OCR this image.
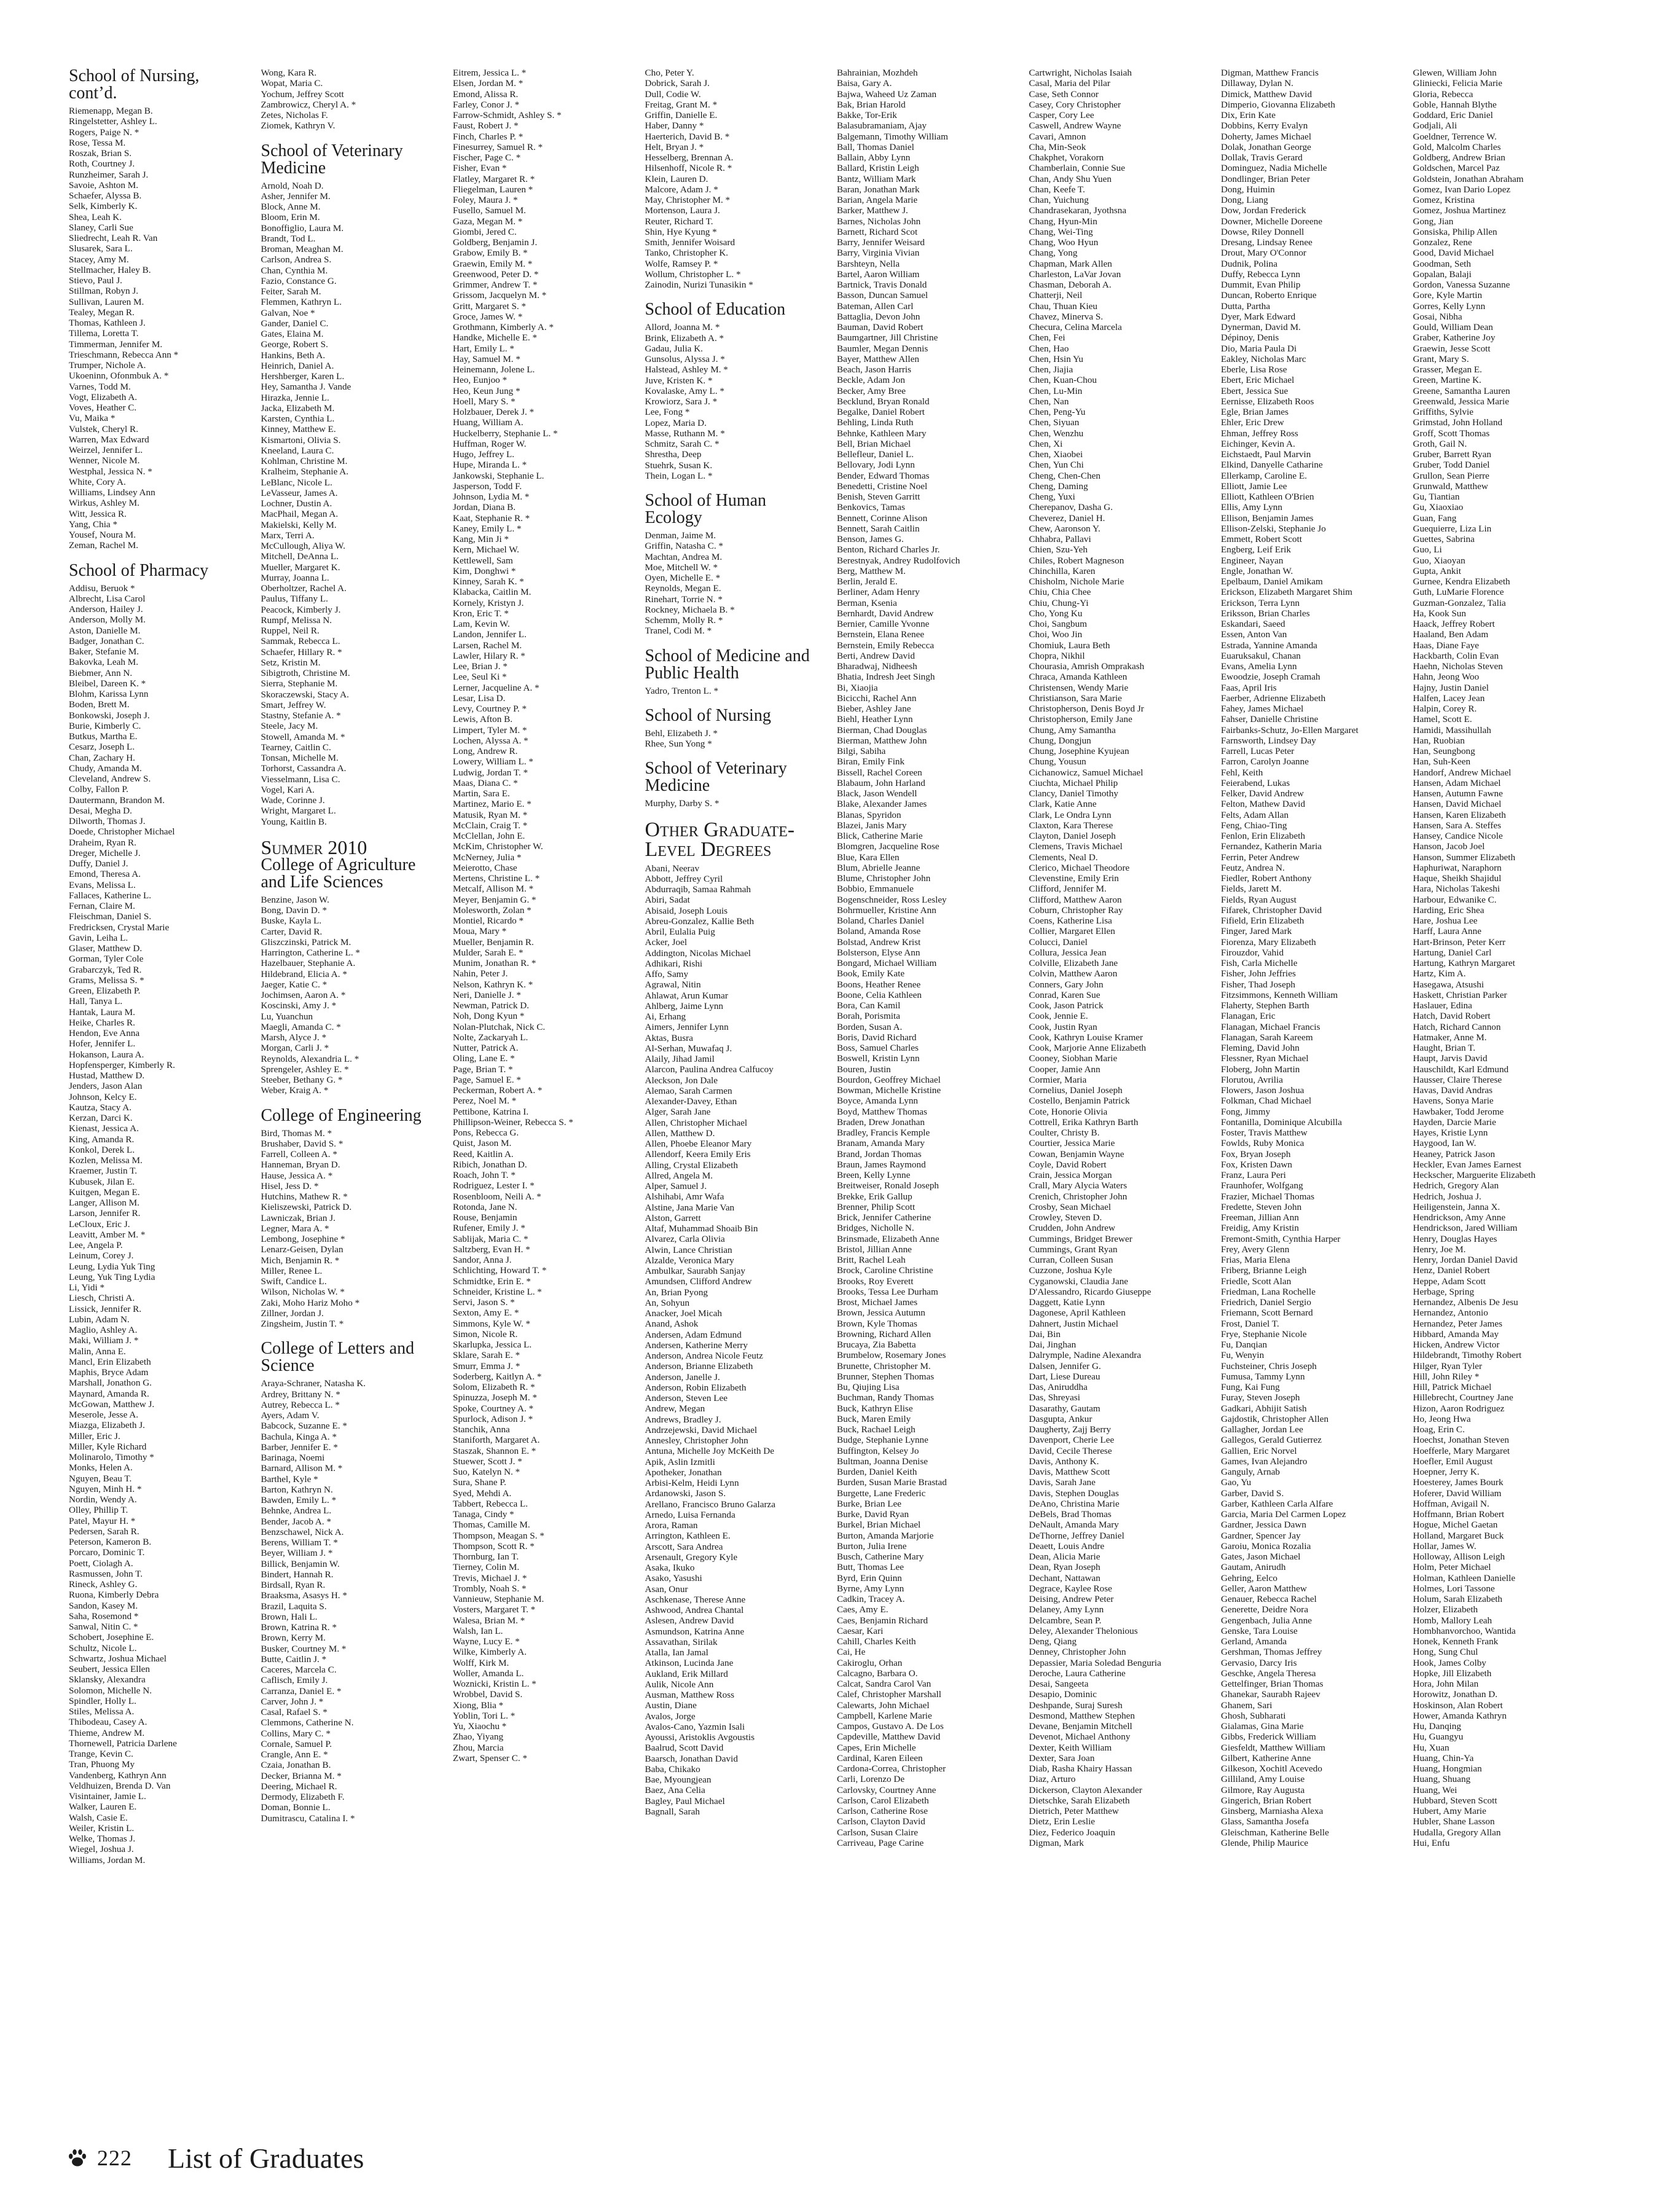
School of Nursing, cont’d.
Riemenapp, Megan B.
Ringelstetter, Ashley L.
Rogers, Paige N. *
Rose, Tessa M.
Roszak, Brian S.
Roth, Courtney J.
Runzheimer, Sarah J.
Savoie, Ashton M.
Schaefer, Alyssa B.
Selk, Kimberly K.
Shea, Leah K.
Slaney, Carli Sue
Sliedrecht, Leah R. Van
Slusarek, Sara L.
Stacey, Amy M.
Stellmacher, Haley B.
Stievo, Paul J.
Stillman, Robyn J.
Sullivan, Lauren M.
Tealey, Megan R.
Thomas, Kathleen J.
Tillema, Loretta T.
Timmerman, Jennifer M.
Trieschmann, Rebecca Ann *
Trumper, Nichole A.
Ukoeninn, Ofonmbuk A. *
Varnes, Todd M.
Vogt, Elizabeth A.
Voves, Heather C.
Vu, Maika *
Vulstek, Cheryl R.
Warren, Max Edward
Weirzel, Jennifer L.
Wenner, Nicole M.
Westphal, Jessica N. *
White, Cory A.
Williams, Lindsey Ann
Wirkus, Ashley M.
Witt, Jessica R.
Yang, Chia *
Yousef, Noura M.
Zeman, Rachel M.
School of Pharmacy
Addisu, Beruok *
Albrecht, Lisa Carol
Anderson, Hailey J.
Anderson, Molly M.
Aston, Danielle M.
Badger, Jonathan C.
Baker, Stefanie M.
Bakovka, Leah M.
Biebmer, Ann N.
Bleibel, Dareen K. *
Blohm, Karissa Lynn
Boden, Brett M.
Bonkowski, Joseph J.
Burie, Kimberly C.
Butkus, Martha E.
Cesarz, Joseph L.
Chan, Zachary H.
Chudy, Amanda M.
Cleveland, Andrew S.
Colby, Fallon P.
Dautermann, Brandon M.
Desai, Megha D.
Dilworth, Thomas J.
Doede, Christopher Michael
Draheim, Ryan R.
Dreger, Michelle J.
Duffy, Daniel J.
Emond, Theresa A.
Evans, Melissa L.
Fallaces, Katherine L.
Fernan, Claire M.
Fleischman, Daniel S.
Fredricksen, Crystal Marie
Gavin, Leiha L.
Glaser, Matthew D.
Gorman, Tyler Cole
Grabarczyk, Ted R.
Grams, Melissa S. *
Green, Elizabeth P.
Hall, Tanya L.
Hantak, Laura M.
Heike, Charles R.
Hendon, Eve Anna
Hofer, Jennifer L.
Hokanson, Laura A.
Hopfensperger, Kimberly R.
Hustad, Matthew D.
Jenders, Jason Alan
Johnson, Kelcy E.
Kautza, Stacy A.
Kerzan, Darci K.
Kienast, Jessica A.
King, Amanda R.
Konkol, Derek L.
Kozlen, Melissa M.
Kraemer, Justin T.
Kubusek, Jilan E.
Kuitgen, Megan E.
Langer, Allison M.
Larson, Jennifer R.
LeCloux, Eric J.
Leavitt, Amber M. *
Lee, Angela P.
Leinum, Corey J.
Leung, Lydia Yuk Ting
Leung, Yuk Ting Lydia
Li, Yidi *
Liesch, Christi A.
Lissick, Jennifer R.
Lubin, Adam N.
Maglio, Ashley A.
Maki, William J. *
Malin, Anna E.
Mancl, Erin Elizabeth
Maphis, Bryce Adam
Marshall, Jonathon G.
Maynard, Amanda R.
McGowan, Matthew J.
Meserole, Jesse A.
Miazga, Elizabeth J.
Miller, Eric J.
Miller, Kyle Richard
Molinarolo, Timothy *
Monks, Helen A.
Nguyen, Beau T.
Nguyen, Minh H. *
Nordin, Wendy A.
Olley, Phillip T.
Patel, Mayur H. *
Pedersen, Sarah R.
Peterson, Kameron B.
Porcaro, Dominic T.
Poett, Ciolagh A.
Rasmussen, John T.
Rineck, Ashley G.
Ruona, Kimberly Debra
Sandon, Kasey M.
Saha, Rosemond *
Sanwal, Nitin C. *
Schobert, Josephine E.
Schultz, Nicole L.
Schwartz, Joshua Michael
Seubert, Jessica Ellen
Sklansky, Alexandra
Solomon, Michelle N.
Spindler, Holly L.
Stiles, Melissa A.
Thibodeau, Casey A.
Thieme, Andrew M.
Thornewell, Patricia Darlene
Trange, Kevin C.
Tran, Phuong My
Vandenberg, Kathryn Ann
Veldhuizen, Brenda D. Van
Visintainer, Jamie L.
Walker, Lauren E.
Walsh, Casie E.
Weiler, Kristin L.
Welke, Thomas J.
Wiegel, Joshua J.
Williams, Jordan M.
Wong, Kara R.
Wopat, Maria C.
Yochum, Jeffrey Scott
Zambrowicz, Cheryl A. *
Zetes, Nicholas F.
Ziomek, Kathryn V.
School of Veterinary Medicine
Arnold, Noah D.
Asher, Jennifer M.
Block, Anne M.
Bloom, Erin M.
Bonoffiglio, Laura M.
Brandt, Tod L.
Broman, Meaghan M.
Carlson, Andrea S.
Chan, Cynthia M.
Fazio, Constance G.
Feiter, Sarah M.
Flemmen, Kathryn L.
Galvan, Noe *
Gander, Daniel C.
Gates, Elaina M.
George, Robert S.
Hankins, Beth A.
Heinrich, Daniel A.
Hershberger, Karen L.
Hey, Samantha J. Vande
Hirazka, Jennie L.
Jacka, Elizabeth M.
Karsten, Cynthia L.
Kinney, Matthew E.
Kismartoni, Olivia S.
Kneeland, Laura C.
Kohlman, Christine M.
Kralheim, Stephanie A.
LeBlanc, Nicole L.
LeVasseur, James A.
Lochner, Dustin A.
MacPhail, Megan A.
Makielski, Kelly M.
Marx, Terri A.
McCullough, Aliya W.
Mitchell, DeAnna L.
Mueller, Margaret K.
Murray, Joanna L.
Oberholtzer, Rachel A.
Paulus, Tiffany L.
Peacock, Kimberly J.
Rumpf, Melissa N.
Ruppel, Neil R.
Sammak, Rebecca L.
Schaefer, Hillary R. *
Setz, Kristin M.
Sibigtroth, Christine M.
Sierra, Stephanie M.
Skoraczewski, Stacy A.
Smart, Jeffrey W.
Stastny, Stefanie A. *
Steele, Jacy M.
Stowell, Amanda M. *
Tearney, Caitlin C.
Tonsan, Michelle M.
Torhorst, Cassandra A.
Viesselmann, Lisa C.
Vogel, Kari A.
Wade, Corinne J.
Wright, Margaret L.
Young, Kaitlin B.
Summer 2010
College of Agriculture and Life Sciences
Benzine, Jason W.
Bong, Davin D. *
Buske, Kayla L.
Carter, David R.
Gliszczinski, Patrick M.
Harrington, Catherine L. *
Hazelbauer, Stephanie A.
Hildebrand, Elicia A. *
Jaeger, Katie C. *
Jochimsen, Aaron A. *
Koscinski, Amy J. *
Lu, Yuanchun
Maegli, Amanda C. *
Marsh, Alyce J. *
Morgan, Carli J. *
Reynolds, Alexandria L. *
Sprengeler, Ashley E. *
Steeber, Bethany G. *
Weber, Kraig A. *
College of Engineering
Bird, Thomas M. *
Brushaber, David S. *
Farrell, Colleen A. *
Hanneman, Bryan D.
Hause, Jessica A. *
Hisel, Jess D. *
Hutchins, Mathew R. *
Kieliszewski, Patrick D.
Lawniczak, Brian J.
Legner, Mara A. *
Lembong, Josephine *
Lenarz-Geisen, Dylan
Mich, Benjamin R. *
Miller, Renee L.
Swift, Candice L.
Wilson, Nicholas W. *
Zaki, Moho Hariz Moho *
Zillner, Jordan J.
Zingsheim, Justin T. *
College of Letters and Science
Araya-Schraner, Natasha K.
Ardrey, Brittany N. *
Autrey, Rebecca L. *
Ayers, Adam V.
Babcock, Suzanne E. *
Bachula, Kinga A. *
Barber, Jennifer E. *
Barinaga, Noemi
Barnard, Allison M. *
Barthel, Kyle *
Barton, Kathryn N.
Bawden, Emily L. *
Behnke, Andrea L.
Bender, Jacob A. *
Benzschawel, Nick A.
Berens, William T. *
Beyer, William J. *
Billick, Benjamin W.
Bindert, Hannah R.
Birdsall, Ryan R.
Braaksma, Asasys H. *
Brazil, Laquita S.
Brown, Hali L.
Brown, Katrina R. *
Brown, Kerry M.
Busker, Courtney M. *
Butte, Caitlin J. *
Caceres, Marcela C.
Caflisch, Emily J.
Carranza, Daniel E. *
Carver, John J. *
Casal, Rafael S. *
Clemmons, Catherine N.
Collins, Mary C. *
Cornale, Samuel P.
Crangle, Ann E. *
Czaia, Jonathan B.
Decker, Brianna M. *
Deering, Michael R.
Dermody, Elizabeth F.
Doman, Bonnie L.
Dumitrascu, Catalina I. *
Eitrem, Jessica L. *
Elsen, Jordan M. *
Emond, Alissa R.
Farley, Conor J. *
Farrow-Schmidt, Ashley S. *
Faust, Robert J. *
Finch, Charles P. *
Finesurrey, Samuel R. *
Fischer, Page C. *
Fisher, Evan *
Flatley, Margaret R. *
Fliegelman, Lauren *
Foley, Maura J. *
Fusello, Samuel M.
Gaza, Megan M. *
Giombi, Jered C.
Goldberg, Benjamin J.
Grabow, Emily B. *
Graewin, Emily M. *
Greenwood, Peter D. *
Grimmer, Andrew T. *
Grissom, Jacquelyn M. *
Gritt, Margaret S. *
Groce, James W. *
Grothmann, Kimberly A. *
Handke, Michelle E. *
Hart, Emily L. *
Hay, Samuel M. *
Heinemann, Jolene L.
Heo, Eunjoo *
Heo, Keun Jung *
Hoell, Mary S. *
Holzbauer, Derek J. *
Huang, William A.
Huckelberry, Stephanie L. *
Huffman, Roger W.
Hugo, Jeffrey L.
Hupe, Miranda L. *
Jankowski, Stephanie L.
Jasperson, Todd F.
Johnson, Lydia M. *
Jordan, Diana B.
Kaat, Stephanie R. *
Kaney, Emily L. *
Kang, Min Ji *
Kern, Michael W.
Kettlewell, Sam
Kim, Donghwi *
Kinney, Sarah K. *
Klabacka, Caitlin M.
Kornely, Kristyn J.
Kron, Eric T. *
Lam, Kevin W.
Landon, Jennifer L.
Larsen, Rachel M.
Lawler, Hilary R. *
Lee, Brian J. *
Lee, Seul Ki *
Lerner, Jacqueline A. *
Lesar, Lisa D.
Levy, Courtney P. *
Lewis, Afton B.
Limpert, Tyler M. *
Lochen, Alyssa A. *
Long, Andrew R.
Lowery, William L. *
Ludwig, Jordan T. *
Maas, Diana C. *
Martin, Sara E.
Martinez, Mario E. *
Matusik, Ryan M. *
McClain, Craig T. *
McClellan, John E.
McKim, Christopher W.
McNerney, Julia *
Meierotto, Chase
Mertens, Christine L. *
Metcalf, Allison M. *
Meyer, Benjamin G. *
Molesworth, Zolan *
Montiel, Ricardo *
Moua, Mary *
Mueller, Benjamin R.
Mulder, Sarah E. *
Munim, Jonathan R. *
Nahin, Peter J.
Nelson, Kathryn K. *
Neri, Danielle J. *
Newman, Patrick D.
Noh, Dong Kyun *
Nolan-Plutchak, Nick C.
Nolte, Zackaryah L.
Nutter, Patrick A.
Oling, Lane E. *
Page, Brian T. *
Page, Samuel E. *
Peckerman, Robert A. *
Perez, Noel M. *
Pettibone, Katrina I.
Phillipson-Weiner, Rebecca S. *
Pons, Rebecca G.
Quist, Jason M.
Reed, Kaitlin A.
Ribich, Jonathan D.
Roach, John T. *
Rodriguez, Lester I. *
Rosenbloom, Neili A. *
Rotonda, Jane N.
Rouse, Benjamin
Rufener, Emily J. *
Sablijak, Maria C. *
Saltzberg, Evan H. *
Sandor, Anna J.
Schlichting, Howard T. *
Schmidtke, Erin E. *
Schneider, Kristine L. *
Servi, Jason S. *
Sexton, Amy E. *
Simmons, Kyle W. *
Simon, Nicole R.
Skarlupka, Jessica L.
Sklare, Sarah E. *
Smurr, Emma J. *
Soderberg, Kaitlyn A. *
Solom, Elizabeth R. *
Spinuzza, Joseph M. *
Spoke, Courtney A. *
Spurlock, Adison J. *
Stanchik, Anna
Staniforth, Margaret A.
Staszak, Shannon E. *
Stuewer, Scott J. *
Suo, Katelyn N. *
Sura, Shane P.
Syed, Mehdi A.
Tabbert, Rebecca L.
Tanaga, Cindy *
Thomas, Camille M.
Thompson, Meagan S. *
Thompson, Scott R. *
Thornburg, Ian T.
Tierney, Colin M.
Trevis, Michael J. *
Trombly, Noah S. *
Vannieuw, Stephanie M.
Vosters, Margaret T. *
Walesa, Brian M. *
Walsh, Ian L.
Wayne, Lucy E. *
Wilke, Kimberly A.
Wolff, Kirk M.
Woller, Amanda L.
Woznicki, Kristin L. *
Wrobbel, David S.
Xiong, Blia *
Yoblin, Tori L. *
Yu, Xiaochu *
Zhao, Yiyang
Zhou, Marcia
Zwart, Spenser C. *
Cho, Peter Y.
Dobrick, Sarah J.
Dull, Codie W.
Freitag, Grant M. *
Griffin, Danielle E.
Haber, Danny *
Haerterich, David B. *
Helt, Bryan J. *
Hesselberg, Brennan A.
Hilsenhoff, Nicole R. *
Klein, Lauren D.
Malcore, Adam J. *
May, Christopher M. *
Mortenson, Laura J.
Reuter, Richard T.
Shin, Hye Kyung *
Smith, Jennifer Woisard
Tanko, Christopher K.
Wolfe, Ramsey P. *
Wollum, Christopher L. *
Zainodin, Nurizi Tunasikin *
School of Education
Allord, Joanna M. *
Brink, Elizabeth A. *
Gadau, Julia K.
Gunsolus, Alyssa J. *
Halstead, Ashley M. *
Juve, Kristen K. *
Kovalaske, Amy L. *
Krowiorz, Sara J. *
Lee, Fong *
Lopez, Maria D.
Masse, Ruthann M. *
Schmitz, Sarah C. *
Shrestha, Deep
Stuehrk, Susan K.
Thein, Logan L. *
School of Human Ecology
Denman, Jaime M.
Griffin, Natasha C. *
Machtan, Andrea M.
Moe, Mitchell W. *
Oyen, Michelle E. *
Reynolds, Megan E.
Rinehart, Torrie N. *
Rockney, Michaela B. *
Schemm, Molly R. *
Tranel, Codi M. *
School of Medicine and Public Health
Yadro, Trenton L. *
School of Nursing
Behl, Elizabeth J. *
Rhee, Sun Yong *
School of Veterinary Medicine
Murphy, Darby S. *
Other Graduate-Level Degrees
Abani, Neerav
Abbott, Jeffrey Cyril
Abdurraqib, Samaa Rahmah
Abiri, Sadat
Abisaid, Joseph Louis
Abreu-Gonzalez, Kallie Beth
Abril, Eulalia Puig
Acker, Joel
Addington, Nicolas Michael
Adhikari, Rishi
Affo, Samy
Agrawal, Nitin
Ahlawat, Arun Kumar
Ahlberg, Jaime Lynn
Ai, Erhang
Aimers, Jennifer Lynn
Aktas, Busra
Al-Serhan, Muwafaq J.
Alaily, Jihad Jamil
Alarcon, Paulina Andrea Calfucoy
Aleckson, Jon Dale
Alemao, Sarah Carmen
Alexander-Davey, Ethan
Alger, Sarah Jane
Allen, Christopher Michael
Allen, Matthew D.
Allen, Phoebe Eleanor Mary
Allendorf, Keera Emily Eris
Alling, Crystal Elizabeth
Allred, Angela M.
Alper, Samuel J.
Alshihabi, Amr Wafa
Alstine, Jana Marie Van
Alston, Garrett
Altaf, Muhammad Shoaib Bin
Alvarez, Carla Olivia
Alwin, Lance Christian
Alzalde, Veronica Mary
Ambulkar, Saurabh Sanjay
Amundsen, Clifford Andrew
An, Brian Pyong
An, Sohyun
Anacker, Joel Micah
Anand, Ashok
Andersen, Adam Edmund
Andersen, Katherine Merry
Anderson, Andrea Nicole Feutz
Anderson, Brianne Elizabeth
Anderson, Janelle J.
Anderson, Robin Elizabeth
Anderson, Steven Lee
Andrew, Megan
Andrews, Bradley J.
Andrzejewski, David Michael
Annesley, Christopher John
Antuna, Michelle Joy McKeith De
Apik, Aslin Izmitli
Apotheker, Jonathan
Arbisi-Kelm, Heidi Lynn
Ardanowski, Jason S.
Arellano, Francisco Bruno Galarza
Arnedo, Luisa Fernanda
Arora, Raman
Arrington, Kathleen E.
Arscott, Sara Andrea
Arsenault, Gregory Kyle
Asaka, Ikuko
Asako, Yasushi
Asan, Onur
Aschkenase, Therese Anne
Ashwood, Andrea Chantal
Aslesen, Andrew David
Asmundson, Katrina Anne
Assavathan, Sirilak
Atalla, Ian Jamal
Atkinson, Lucinda Jane
Aukland, Erik Millard
Aulik, Nicole Ann
Ausman, Matthew Ross
Austin, Diane
Avalos, Jorge
Avalos-Cano, Yazmin Isali
Ayoussi, Aristoklis Avgoustis
Baalrud, Scott David
Baarsch, Jonathan David
Baba, Chikako
Bae, Myoungjean
Baez, Ana Celia
Bagley, Paul Michael
Bagnall, Sarah
Bahrainian, Mozhdeh
Baisa, Gary A.
Bajwa, Waheed Uz Zaman
Bak, Brian Harold
Bakke, Tor-Erik
Balasubramaniam, Ajay
Balgemann, Timothy William
Ball, Thomas Daniel
Ballain, Abby Lynn
Ballard, Kristin Leigh
Bantz, William Mark
Baran, Jonathan Mark
Barian, Angela Marie
Barker, Matthew J.
Barnes, Nicholas John
Barnett, Richard Scot
Barry, Jennifer Weisard
Barry, Virginia Vivian
Barshteyn, Nella
Bartel, Aaron William
Bartnick, Travis Donald
Basson, Duncan Samuel
Bateman, Allen Carl
Battaglia, Devon John
Bauman, David Robert
Baumgartner, Jill Christine
Baumler, Megan Dennis
Bayer, Matthew Allen
Beach, Jason Harris
Beckle, Adam Jon
Becker, Amy Bree
Becklund, Bryan Ronald
Begalke, Daniel Robert
Behling, Linda Ruth
Behnke, Kathleen Mary
Bell, Brian Michael
Bellefleur, Daniel L.
Bellovary, Jodi Lynn
Bender, Edward Thomas
Benedetti, Cristine Noel
Benish, Steven Garritt
Benkovics, Tamas
Bennett, Corinne Alison
Bennett, Sarah Caitlin
Benson, James G.
Benton, Richard Charles Jr.
Berestnyak, Andrey Rudolfovich
Berg, Matthew M.
Berlin, Jerald E.
Berliner, Adam Henry
Berman, Ksenia
Bernhardt, David Andrew
Bernier, Camille Yvonne
Bernstein, Elana Renee
Bernstein, Emily Rebecca
Berti, Andrew David
Bharadwaj, Nidheesh
Bhatia, Indresh Jeet Singh
Bi, Xiaojia
Bicicchi, Rachel Ann
Bieber, Ashley Jane
Biehl, Heather Lynn
Bierman, Chad Douglas
Bierman, Matthew John
Bilgi, Sabiha
Biran, Emily Fink
Bissell, Rachel Coreen
Blabaum, John Harland
Black, Jason Wendell
Blake, Alexander James
Blanas, Spyridon
Blazei, Janis Mary
Blick, Catherine Marie
Blomgren, Jacqueline Rose
Blue, Kara Ellen
Blum, Abrielle Jeanne
Blume, Christopher John
Bobbio, Emmanuele
Bogenschneider, Ross Lesley
Bohrmueller, Kristine Ann
Boland, Charles Daniel
Boland, Amanda Rose
Bolstad, Andrew Krist
Bolsterson, Elyse Ann
Bongard, Michael William
Book, Emily Kate
Boons, Heather Renee
Boone, Celia Kathleen
Bora, Can Kamil
Borah, Porismita
Borden, Susan A.
Boris, David Richard
Boss, Samuel Charles
Boswell, Kristin Lynn
Bouren, Justin
Bourdon, Geoffrey Michael
Bowman, Michelle Kristine
Boyce, Amanda Lynn
Boyd, Matthew Thomas
Braden, Drew Jonathan
Bradley, Francis Kemple
Branam, Amanda Mary
Brand, Jordan Thomas
Braun, James Raymond
Breen, Kelly Lynne
Breitweiser, Ronald Joseph
Brekke, Erik Gallup
Brenner, Philip Scott
Brick, Jennifer Catherine
Bridges, Nicholle N.
Brinsmade, Elizabeth Anne
Bristol, Jillian Anne
Britt, Rachel Leah
Brock, Caroline Christine
Brooks, Roy Everett
Brooks, Tessa Lee Durham
Brost, Michael James
Brown, Jessica Autumn
Brown, Kyle Thomas
Browning, Richard Allen
Brucaya, Zia Babetta
Brumbelow, Rosemary Jones
Brunette, Christopher M.
Brunner, Stephen Thomas
Bu, Qiujing Lisa
Buchman, Randy Thomas
Buck, Kathryn Elise
Buck, Maren Emily
Buck, Rachael Leigh
Budge, Stephanie Lynne
Buffington, Kelsey Jo
Bultman, Joanna Denise
Burden, Daniel Keith
Burden, Susan Marie Brastad
Burgette, Lane Frederic
Burke, Brian Lee
Burke, David Ryan
Burkel, Brian Michael
Burton, Amanda Marjorie
Burton, Julia Irene
Busch, Catherine Mary
Butt, Thomas Lee
Byrd, Erin Quinn
Byrne, Amy Lynn
Cadkin, Tracey A.
Caes, Amy E.
Caes, Benjamin Richard
Caesar, Kari
Cahill, Charles Keith
Cai, He
Cakiroglu, Orhan
Calcagno, Barbara O.
Calcat, Sandra Carol Van
Calef, Christopher Marshall
Calewarts, John Michael
Campbell, Karlene Marie
Campos, Gustavo A. De Los
Capdeville, Matthew David
Capes, Erin Michelle
Cardinal, Karen Eileen
Cardona-Correa, Christopher
Carli, Lorenzo De
Carlovsky, Courtney Anne
Carlson, Carol Elizabeth
Carlson, Catherine Rose
Carlson, Clayton David
Carlson, Susan Claire
Carriveau, Page Carine
Cartwright, Nicholas Isaiah
Casal, Maria del Pilar
Case, Seth Connor
Casey, Cory Christopher
Casper, Cory Lee
Caswell, Andrew Wayne
Cavari, Amnon
Cha, Min-Seok
Chakphet, Vorakorn
Chamberlain, Connie Sue
Chan, Andy Shu Yuen
Chan, Keefe T.
Chan, Yuichung
Chandrasekaran, Jyothsna
Chang, Hyun-Min
Chang, Wei-Ting
Chang, Woo Hyun
Chang, Yong
Chapman, Mark Allen
Charleston, LaVar Jovan
Chasman, Deborah A.
Chatterji, Neil
Chau, Thuan Kieu
Chavez, Minerva S.
Checura, Celina Marcela
Chen, Fei
Chen, Hao
Chen, Hsin Yu
Chen, Jiajia
Chen, Kuan-Chou
Chen, Lu-Min
Chen, Nan
Chen, Peng-Yu
Chen, Siyuan
Chen, Wenzhu
Chen, Xi
Chen, Xiaobei
Chen, Yun Chi
Cheng, Chen-Chen
Cheng, Daming
Cheng, Yuxi
Cherepanov, Dasha G.
Cheverez, Daniel H.
Chew, Aaronson Y.
Chhabra, Pallavi
Chien, Szu-Yeh
Chiles, Robert Magneson
Chinchilla, Karen
Chisholm, Nichole Marie
Chiu, Chia Chee
Chiu, Chung-Yi
Cho, Yong Ku
Choi, Sangbum
Choi, Woo Jin
Chomiuk, Laura Beth
Chopra, Nikhil
Chourasia, Amrish Omprakash
Chraca, Amanda Kathleen
Christensen, Wendy Marie
Christianson, Sara Marie
Christopherson, Denis Boyd Jr
Christopherson, Emily Jane
Chung, Amy Samantha
Chung, Dongjun
Chung, Josephine Kyujean
Chung, Yousun
Cichanowicz, Samuel Michael
Ciuchta, Michael Philip
Clancy, Daniel Timothy
Clark, Katie Anne
Clark, Le Ondra Lynn
Claxton, Kara Therese
Clayton, Daniel Joseph
Clemens, Travis Michael
Clements, Neal D.
Clerico, Michael Theodore
Clevenstine, Emily Erin
Clifford, Jennifer M.
Clifford, Matthew Aaron
Coburn, Christopher Ray
Coens, Katherine Lisa
Collier, Margaret Ellen
Colucci, Daniel
Collura, Jessica Jean
Colville, Elizabeth Jane
Colvin, Matthew Aaron
Conners, Gary John
Conrad, Karen Sue
Cook, Jason Patrick
Cook, Jennie E.
Cook, Justin Ryan
Cook, Kathryn Louise Kramer
Cook, Marjorie Anne Elizabeth
Cooney, Siobhan Marie
Cooper, Jamie Ann
Cormier, Maria
Cornelius, Daniel Joseph
Costello, Benjamin Patrick
Cote, Honorie Olivia
Cottrell, Erika Kathryn Barth
Coulter, Christy B.
Courtier, Jessica Marie
Cowan, Benjamin Wayne
Coyle, David Robert
Crain, Jessica Morgan
Crall, Mary Alycia Waters
Crenich, Christopher John
Crosby, Sean Michael
Crowley, Steven D.
Crudden, John Andrew
Cummings, Bridget Brewer
Cummings, Grant Ryan
Curran, Colleen Susan
Cuzzone, Joshua Kyle
Cyganowski, Claudia Jane
D'Alessandro, Ricardo Giuseppe
Daggett, Katie Lynn
Dagonese, April Kathleen
Dahnert, Justin Michael
Dai, Bin
Dai, Jinghan
Dalrymple, Nadine Alexandra
Dalsen, Jennifer G.
Dart, Liese Dureau
Das, Aniruddha
Das, Shreyasi
Dasarathy, Gautam
Dasgupta, Ankur
Daugherty, Zajj Berry
Davenport, Cherie Lee
David, Cecile Therese
Davis, Anthony K.
Davis, Matthew Scott
Davis, Sarah Jane
Davis, Stephen Douglas
DeAno, Christina Marie
DeBels, Brad Thomas
DeNault, Amanda Mary
DeThorne, Jeffrey Daniel
Deaett, Louis Andre
Dean, Alicia Marie
Dean, Ryan Joseph
Dechant, Nattawan
Degrace, Kaylee Rose
Deising, Andrew Peter
Delaney, Amy Lynn
Delcambre, Sean P.
Deley, Alexander Thelonious
Deng, Qiang
Denney, Christopher John
Depassier, Maria Soledad Benguria
Deroche, Laura Catherine
Desai, Sangeeta
Desapio, Dominic
Deshpande, Suraj Suresh
Desmond, Matthew Stephen
Devane, Benjamin Mitchell
Devenot, Michael Anthony
Dexter, Keith William
Dexter, Sara Joan
Diab, Rasha Khairy Hassan
Diaz, Arturo
Dickerson, Clayton Alexander
Dietschke, Sarah Elizabeth
Dietrich, Peter Matthew
Dietz, Erin Leslie
Diez, Federico Joaquin
Digman, Mark
Digman, Matthew Francis
Dillaway, Dylan N.
Dimick, Matthew David
Dimperio, Giovanna Elizabeth
Dix, Erin Kate
Dobbins, Kerry Evalyn
Doherty, James Michael
Dolak, Jonathan George
Dollak, Travis Gerard
Dominguez, Nadia Michelle
Dondlinger, Brian Peter
Dong, Huimin
Dong, Liang
Dow, Jordan Frederick
Downer, Michelle Doreene
Dowse, Riley Donnell
Dresang, Lindsay Renee
Drout, Mary O'Connor
Dudnik, Polina
Duffy, Rebecca Lynn
Dummit, Evan Philip
Duncan, Roberto Enrique
Dutta, Partha
Dyer, Mark Edward
Dynerman, David M.
Dépinoy, Denis
Dio, Maria Paula Di
Eakley, Nicholas Marc
Eberle, Lisa Rose
Ebert, Eric Michael
Ebert, Jessica Sue
Eernisse, Elizabeth Roos
Egle, Brian James
Ehler, Eric Drew
Ehman, Jeffrey Ross
Eichinger, Kevin A.
Eichstaedt, Paul Marvin
Elkind, Danyelle Catharine
Ellerkamp, Caroline E.
Elliott, Jamie Lee
Elliott, Kathleen O'Brien
Ellis, Amy Lynn
Ellison, Benjamin James
Ellison-Zelski, Stephanie Jo
Emmett, Robert Scott
Engberg, Leif Erik
Engineer, Nayan
Engle, Jonathan W.
Epelbaum, Daniel Amikam
Erickson, Elizabeth Margaret Shim
Erickson, Terra Lynn
Eriksson, Brian Charles
Eskandari, Saeed
Essen, Anton Van
Estrada, Yannine Amanda
Euaruksakul, Chanan
Evans, Amelia Lynn
Ewoodzie, Joseph Cramah
Faas, April Iris
Faerber, Adrienne Elizabeth
Fahey, James Michael
Fahser, Danielle Christine
Fairbanks-Schutz, Jo-Ellen Margaret
Farnsworth, Lindsey Day
Farrell, Lucas Peter
Farron, Carolyn Joanne
Fehl, Keith
Feierabend, Lukas
Felker, David Andrew
Felton, Mathew David
Felts, Adam Allan
Feng, Chiao-Ting
Fenlon, Erin Elizabeth
Fernandez, Katherin Maria
Ferrin, Peter Andrew
Feutz, Andrea N.
Fiedler, Robert Anthony
Fields, Jarett M.
Fields, Ryan August
Fifarek, Christopher David
Fifield, Erin Elizabeth
Finger, Jared Mark
Fiorenza, Mary Elizabeth
Firouzdor, Vahid
Fish, Carla Michelle
Fisher, John Jeffries
Fisher, Thad Joseph
Fitzsimmons, Kenneth William
Flaherty, Stephen Barth
Flanagan, Eric
Flanagan, Michael Francis
Flanagan, Sarah Kareem
Fleming, David John
Flessner, Ryan Michael
Floberg, John Martin
Florutou, Avrilia
Flowers, Jason Joshua
Folkman, Chad Michael
Fong, Jimmy
Fontanilla, Dominique Alcubilla
Foster, Travis Matthew
Fowlds, Ruby Monica
Fox, Bryan Joseph
Fox, Kristen Dawn
Franz, Laura Peri
Fraunhofer, Wolfgang
Frazier, Michael Thomas
Fredette, Steven John
Freeman, Jillian Ann
Freidig, Amy Kristin
Fremont-Smith, Cynthia Harper
Frey, Avery Glenn
Frias, Maria Elena
Friberg, Brianne Leigh
Friedle, Scott Alan
Friedman, Lana Rochelle
Friedrich, Daniel Sergio
Friemann, Scott Bernard
Frost, Daniel T.
Frye, Stephanie Nicole
Fu, Danqian
Fu, Wenyin
Fuchsteiner, Chris Joseph
Fumusa, Tammy Lynn
Fung, Kai Fung
Furay, Steven Joseph
Gadkari, Abhijit Satish
Gajdostik, Christopher Allen
Gallagher, Jordan Lee
Gallegos, Gerald Gutierrez
Gallien, Eric Norvel
Games, Ivan Alejandro
Ganguly, Arnab
Gao, Yu
Garber, David S.
Garber, Kathleen Carla Alfare
Garcia, Maria Del Carmen Lopez
Gardner, Jessica Dawn
Gardner, Spencer Jay
Garoiu, Monica Rozalia
Gates, Jason Michael
Gautam, Anirudh
Gehring, Eelco
Geller, Aaron Matthew
Genauer, Rebecca Rachel
Generette, Deidre Nora
Gengenbach, Julia Anne
Genske, Tara Louise
Gerland, Amanda
Gershman, Thomas Jeffrey
Gervasio, Darcy Iris
Geschke, Angela Theresa
Gettelfinger, Brian Thomas
Ghanekar, Saurabh Rajeev
Ghanem, Sari
Ghosh, Subharati
Gialamas, Gina Marie
Gibbs, Frederick William
Giesfeldt, Matthew William
Gilbert, Katherine Anne
Gilkeson, Xochitl Acevedo
Gilliland, Amy Louise
Gilmore, Ray Augusta
Gingerich, Brian Robert
Ginsberg, Marniasha Alexa
Glass, Samantha Josefa
Gleischman, Katherine Belle
Glende, Philip Maurice
Glewen, William John
Gliniecki, Felicia Marie
Gloria, Rebecca
Goble, Hannah Blythe
Goddard, Eric Daniel
Godjali, Ali
Goeldner, Terrence W.
Gold, Malcolm Charles
Goldberg, Andrew Brian
Goldschen, Marcel Paz
Goldstein, Jonathan Abraham
Gomez, Ivan Dario Lopez
Gomez, Kristina
Gomez, Joshua Martinez
Gong, Jian
Gonsiska, Philip Allen
Gonzalez, Rene
Good, David Michael
Goodman, Seth
Gopalan, Balaji
Gordon, Vanessa Suzanne
Gore, Kyle Martin
Gorres, Kelly Lynn
Gosai, Nibha
Gould, William Dean
Graber, Katherine Joy
Graewin, Jesse Scott
Grant, Mary S.
Grasser, Megan E.
Green, Martine K.
Greene, Samantha Lauren
Greenwald, Jessica Marie
Griffiths, Sylvie
Grimstad, John Holland
Groff, Scott Thomas
Groth, Gail N.
Gruber, Barrett Ryan
Gruber, Todd Daniel
Grullon, Sean Pierre
Grunwald, Matthew
Gu, Tiantian
Gu, Xiaoxiao
Guan, Fang
Guequierre, Liza Lin
Guettes, Sabrina
Guo, Li
Guo, Xiaoyan
Gupta, Ankit
Gurnee, Kendra Elizabeth
Guth, LuMarie Florence
Guzman-Gonzalez, Talia
Ha, Kook Sun
Haack, Jeffrey Robert
Haaland, Ben Adam
Haas, Diane Faye
Hackbarth, Colin Evan
Haehn, Nicholas Steven
Hahn, Jeong Woo
Hajny, Justin Daniel
Halfen, Lacey Jean
Halpin, Corey R.
Hamel, Scott E.
Hamidi, Massihullah
Han, Ruobian
Han, Seungbong
Han, Suh-Keen
Handorf, Andrew Michael
Hansen, Adam Michael
Hansen, Autumn Fawne
Hansen, David Michael
Hansen, Karen Elizabeth
Hansen, Sara A. Steffes
Hansey, Candice Nicole
Hanson, Jacob Joel
Hanson, Summer Elizabeth
Haphuriwat, Naraphorn
Haque, Sheikh Shajidul
Hara, Nicholas Takeshi
Harbour, Edwanike C.
Harding, Eric Shea
Hare, Joshua Lee
Harff, Laura Anne
Hart-Brinson, Peter Kerr
Hartung, Daniel Carl
Hartung, Kathryn Margaret
Hartz, Kim A.
Hasegawa, Atsushi
Haskett, Christian Parker
Haslauer, Edina
Hatch, David Robert
Hatch, Richard Cannon
Hatmaker, Anne M.
Haught, Brian T.
Haupt, Jarvis David
Hauschildt, Karl Edmund
Hausser, Claire Therese
Havas, David Andras
Havens, Sonya Marie
Hawbaker, Todd Jerome
Hayden, Darcie Marie
Hayes, Kristie Lynn
Haygood, Ian W.
Heaney, Patrick Jason
Heckler, Evan James Earnest
Heckscher, Marguerite Elizabeth
Hedrich, Gregory Alan
Hedrich, Joshua J.
Heiligenstein, Janna X.
Hendrickson, Amy Anne
Hendrickson, Jared William
Henry, Douglas Hayes
Henry, Joe M.
Henry, Jordan Daniel David
Henz, Daniel Robert
Heppe, Adam Scott
Herbage, Spring
Hernandez, Albenis De Jesu
Hernandez, Antonio
Hernandez, Peter James
Hibbard, Amanda May
Hicken, Andrew Victor
Hildebrandt, Timothy Robert
Hilger, Ryan Tyler
Hill, John Riley *
Hill, Patrick Michael
Hillebrecht, Courtney Jane
Hizon, Aaron Rodriguez
Ho, Jeong Hwa
Hoag, Erin C.
Hoechst, Jonathan Steven
Hoefferle, Mary Margaret
Hoefler, Emil August
Hoepner, Jerry K.
Hoesterey, James Bourk
Hoferer, David William
Hoffman, Avigail N.
Hoffmann, Brian Robert
Hogue, Michel Gaetan
Holland, Margaret Buck
Hollar, James W.
Holloway, Allison Leigh
Holm, Peter Michael
Holman, Kathleen Danielle
Holmes, Lori Tassone
Holum, Sarah Elizabeth
Holzer, Elizabeth
Homb, Mallory Leah
Hombhanvorchoo, Wantida
Honek, Kenneth Frank
Hong, Sung Chul
Hook, James Colby
Hopke, Jill Elizabeth
Hora, John Milan
Horowitz, Jonathan D.
Hoskinson, Alan Robert
Hower, Amanda Kathryn
Hu, Danqing
Hu, Guangyu
Hu, Xuan
Huang, Chin-Ya
Huang, Hongmian
Huang, Shuang
Huang, Wei
Hubbard, Steven Scott
Hubert, Amy Marie
Hubler, Shane Lasson
Hudalla, Gregory Allan
Hui, Enfu
222 List of Graduates
